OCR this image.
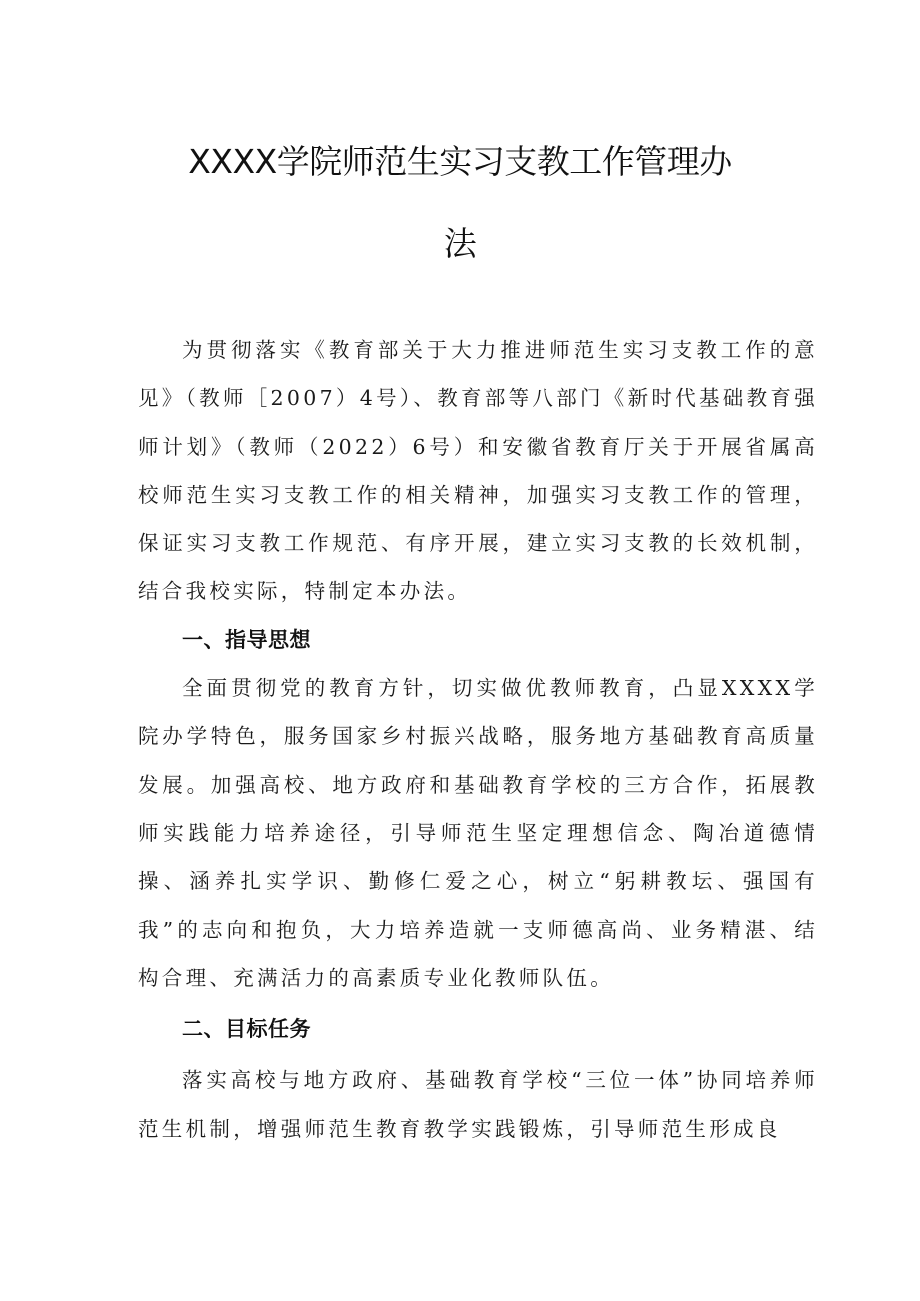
XXXX学院师范生实习支教工作管理办
法

为贯彻落实《教育部关于大力推进师范生实习支教工作的意见》（教师［2007）4号）、教育部等八部门《新时代基础教育强师计划》（教师（2022）6号）和安徽省教育厅关于开展省属高校师范生实习支教工作的相关精神，加强实习支教工作的管理，保证实习支教工作规范、有序开展，建立实习支教的长效机制，结合我校实际，特制定本办法。

一、指导思想

全面贯彻党的教育方针，切实做优教师教育，凸显XXXX学院办学特色，服务国家乡村振兴战略，服务地方基础教育高质量发展。加强高校、地方政府和基础教育学校的三方合作，拓展教师实践能力培养途径，引导师范生坚定理想信念、陶冶道德情操、涵养扎实学识、勤修仁爱之心，树立“躬耕教坛、强国有我”的志向和抱负，大力培养造就一支师德高尚、业务精湛、结构合理、充满活力的高素质专业化教师队伍。

二、目标任务

落实高校与地方政府、基础教育学校“三位一体”协同培养师范生机制，增强师范生教育教学实践锻炼，引导师范生形成良
